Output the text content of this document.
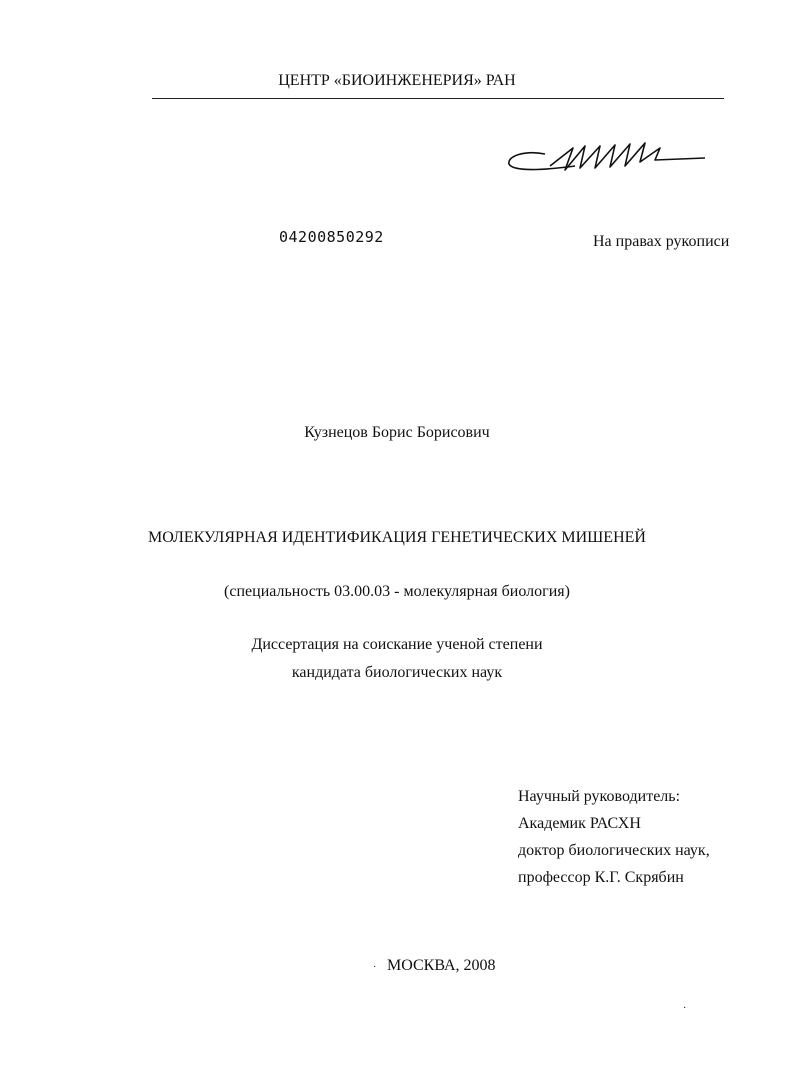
ЦЕНТР «БИОИНЖЕНЕРИЯ» РАН
04200850292	На правах рукописи
Кузнецов Борис Борисович
МОЛЕКУЛЯРНАЯ ИДЕНТИФИКАЦИЯ ГЕНЕТИЧЕСКИХ МИШЕНЕЙ
(специальность 03.00.03 - молекулярная биология)
Диссертация на соискание ученой степени
кандидата биологических наук
Научный руководитель:
Академик РАСХН
доктор биологических наук,
профессор К.Г. Скрябин
· МОСКВА, 2008
·
